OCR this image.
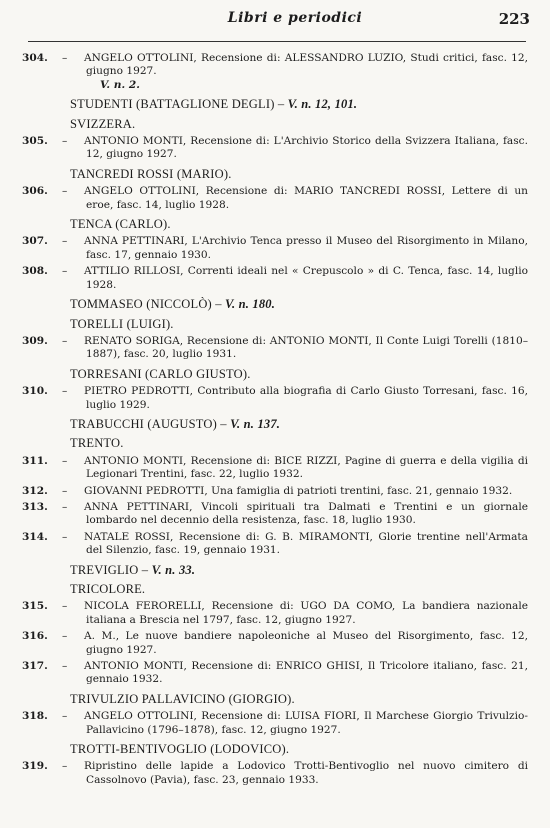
Libri e periodici	223
304.	– ANGELO OTTOLINI, Recensione di: ALESSANDRO LUZIO, Studi critici, fasc. 12, giugno 1927.
V. n. 2.
STUDENTI (BATTAGLIONE DEGLI) – V. n. 12, 101.
SVIZZERA.
305.	– ANTONIO MONTI, Recensione di: L'Archivio Storico della Svizzera Italiana, fasc. 12, giugno 1927.
TANCREDI ROSSI (MARIO).
306.	– ANGELO OTTOLINI, Recensione di: MARIO TANCREDI ROSSI, Lettere di un eroe, fasc. 14, luglio 1928.
TENCA (CARLO).
307.	– ANNA PETTINARI, L'Archivio Tenca presso il Museo del Risorgimento in Milano, fasc. 17, gennaio 1930.
308.	– ATTILIO RILLOSI, Correnti ideali nel « Crepuscolo » di C. Tenca, fasc. 14, luglio 1928.
TOMMASEO (NICCOLÒ) – V. n. 180.
TORELLI (LUIGI).
309.	– RENATO SORIGA, Recensione di: ANTONIO MONTI, Il Conte Luigi Torelli (1810–1887), fasc. 20, luglio 1931.
TORRESANI (CARLO GIUSTO).
310.	– PIETRO PEDROTTI, Contributo alla biografia di Carlo Giusto Torresani, fasc. 16, luglio 1929.
TRABUCCHI (AUGUSTO) – V. n. 137.
TRENTO.
311.	– ANTONIO MONTI, Recensione di: BICE RIZZI, Pagine di guerra e della vigilia di Legionari Trentini, fasc. 22, luglio 1932.
312.	– GIOVANNI PEDROTTI, Una famiglia di patrioti trentini, fasc. 21, gennaio 1932.
313.	– ANNA PETTINARI, Vincoli spirituali tra Dalmati e Trentini e un giornale lombardo nel decennio della resistenza, fasc. 18, luglio 1930.
314.	– NATALE ROSSI, Recensione di: G. B. MIRAMONTI, Glorie trentine nell'Armata del Silenzio, fasc. 19, gennaio 1931.
TREVIGLIO – V. n. 33.
TRICOLORE.
315.	– NICOLA FERORELLI, Recensione di: UGO DA COMO, La bandiera nazionale italiana a Brescia nel 1797, fasc. 12, giugno 1927.
316.	– A. M., Le nuove bandiere napoleoniche al Museo del Risorgimento, fasc. 12, giugno 1927.
317.	– ANTONIO MONTI, Recensione di: ENRICO GHISI, Il Tricolore italiano, fasc. 21, gennaio 1932.
TRIVULZIO PALLAVICINO (GIORGIO).
318.	– ANGELO OTTOLINI, Recensione di: LUISA FIORI, Il Marchese Giorgio Trivulzio-Pallavicino (1796–1878), fasc. 12, giugno 1927.
TROTTI-BENTIVOGLIO (LODOVICO).
319.	– Ripristino delle lapide a Lodovico Trotti-Bentivoglio nel nuovo cimitero di Cassolnovo (Pavia), fasc. 23, gennaio 1933.
